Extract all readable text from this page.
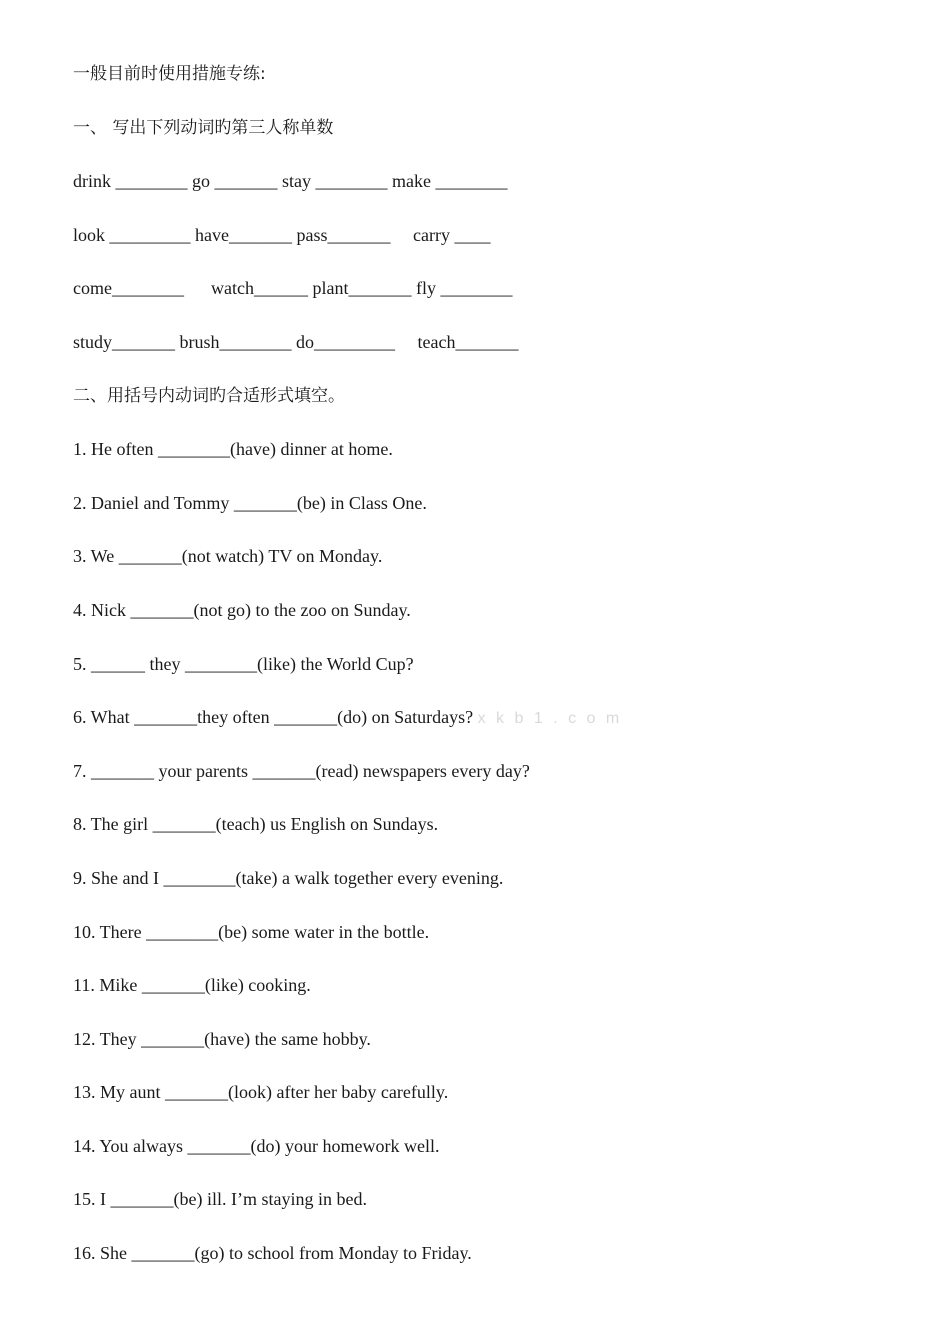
一般目前时使用措施专练:
一、 写出下列动词旳第三人称单数
drink ________ go _______ stay ________ make ________
look _________ have_______ pass_______     carry ____
come________      watch______ plant_______ fly ________
study_______ brush________ do_________     teach_______
二、用括号内动词旳合适形式填空。
1. He often ________(have) dinner at home.
2. Daniel and Tommy _______(be) in Class One.
3. We _______(not watch) TV on Monday.
4. Nick _______(not go) to the zoo on Sunday.
5. ______ they ________(like) the World Cup?
6. What _______they often _______(do) on Saturdays? x k b 1 . c o m
7. _______ your parents _______(read) newspapers every day?
8. The girl _______(teach) us English on Sundays.
9. She and I ________(take) a walk together every evening.
10. There ________(be) some water in the bottle.
11. Mike _______(like) cooking.
12. They _______(have) the same hobby.
13. My aunt _______(look) after her baby carefully.
14. You always _______(do) your homework well.
15. I _______(be) ill. I’m staying in bed.
16. She _______(go) to school from Monday to Friday.
